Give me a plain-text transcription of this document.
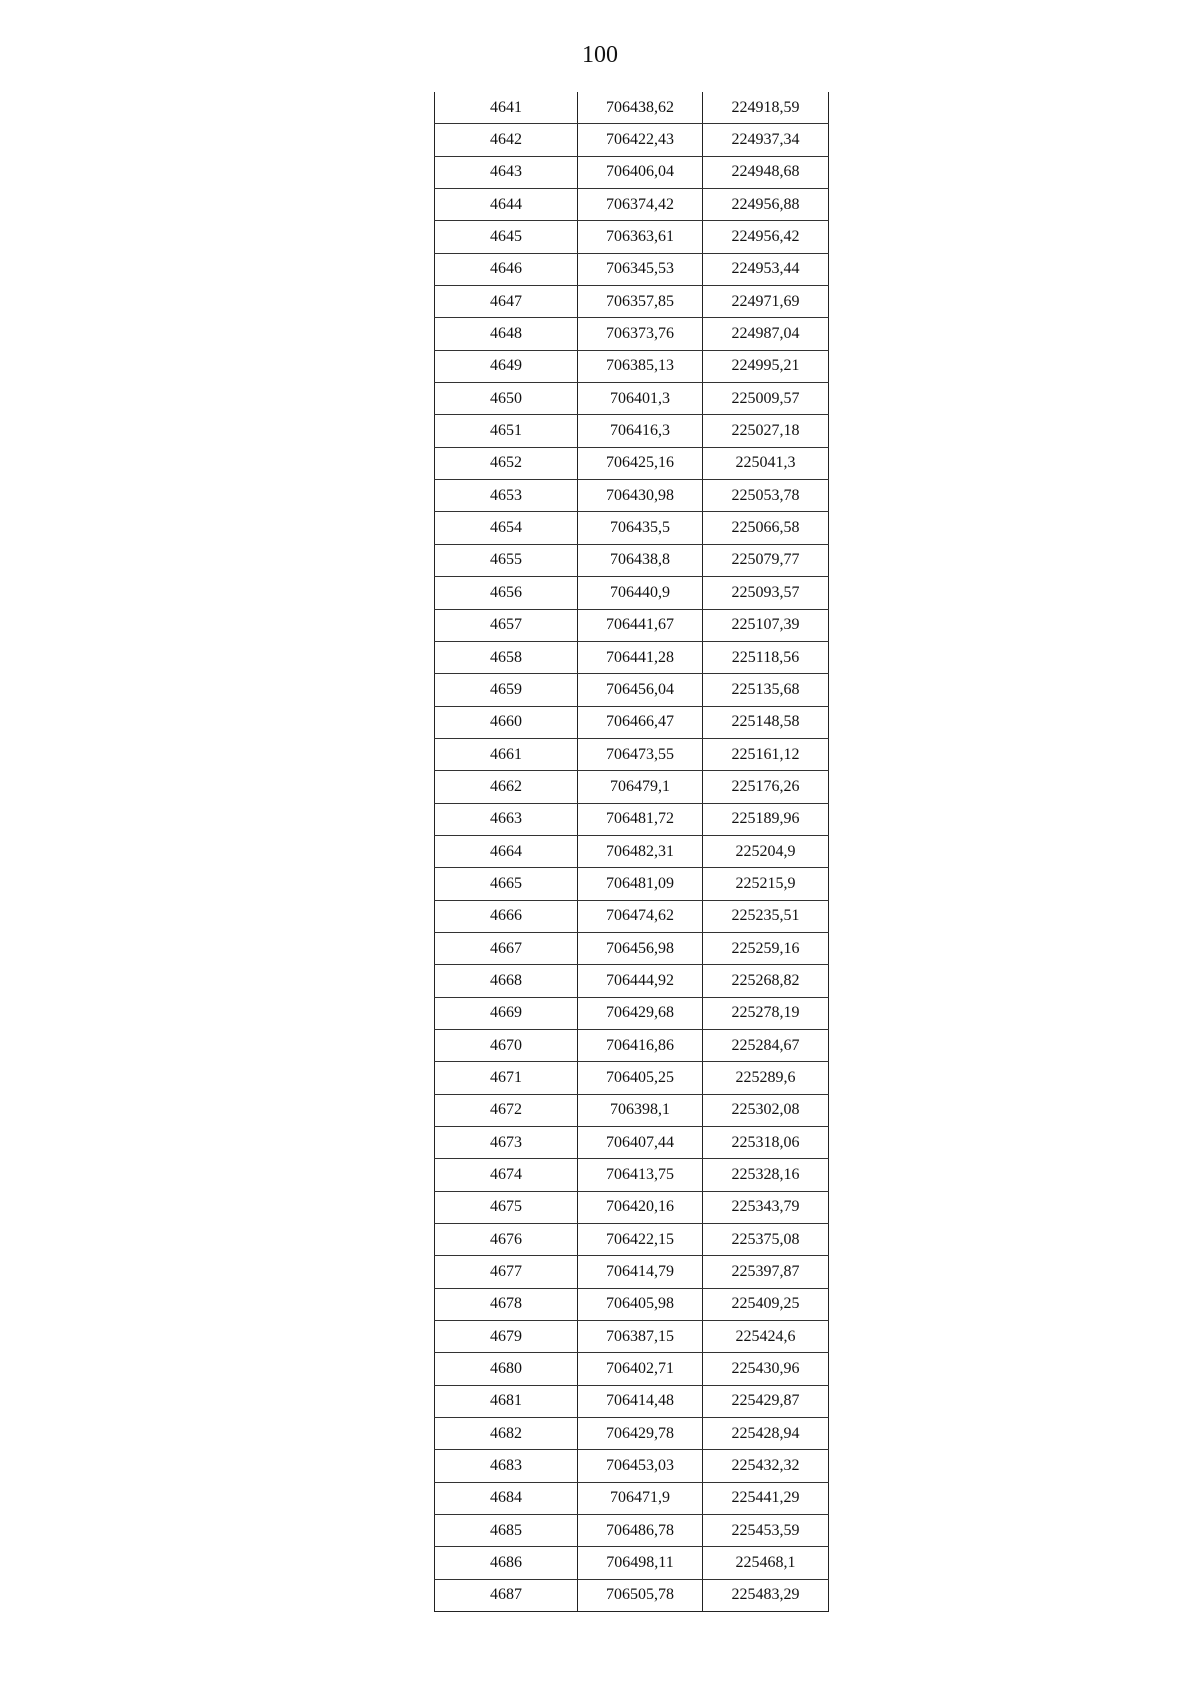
100
4641	706438,62	224918,59
4642	706422,43	224937,34
4643	706406,04	224948,68
4644	706374,42	224956,88
4645	706363,61	224956,42
4646	706345,53	224953,44
4647	706357,85	224971,69
4648	706373,76	224987,04
4649	706385,13	224995,21
4650	706401,3	225009,57
4651	706416,3	225027,18
4652	706425,16	225041,3
4653	706430,98	225053,78
4654	706435,5	225066,58
4655	706438,8	225079,77
4656	706440,9	225093,57
4657	706441,67	225107,39
4658	706441,28	225118,56
4659	706456,04	225135,68
4660	706466,47	225148,58
4661	706473,55	225161,12
4662	706479,1	225176,26
4663	706481,72	225189,96
4664	706482,31	225204,9
4665	706481,09	225215,9
4666	706474,62	225235,51
4667	706456,98	225259,16
4668	706444,92	225268,82
4669	706429,68	225278,19
4670	706416,86	225284,67
4671	706405,25	225289,6
4672	706398,1	225302,08
4673	706407,44	225318,06
4674	706413,75	225328,16
4675	706420,16	225343,79
4676	706422,15	225375,08
4677	706414,79	225397,87
4678	706405,98	225409,25
4679	706387,15	225424,6
4680	706402,71	225430,96
4681	706414,48	225429,87
4682	706429,78	225428,94
4683	706453,03	225432,32
4684	706471,9	225441,29
4685	706486,78	225453,59
4686	706498,11	225468,1
4687	706505,78	225483,29
